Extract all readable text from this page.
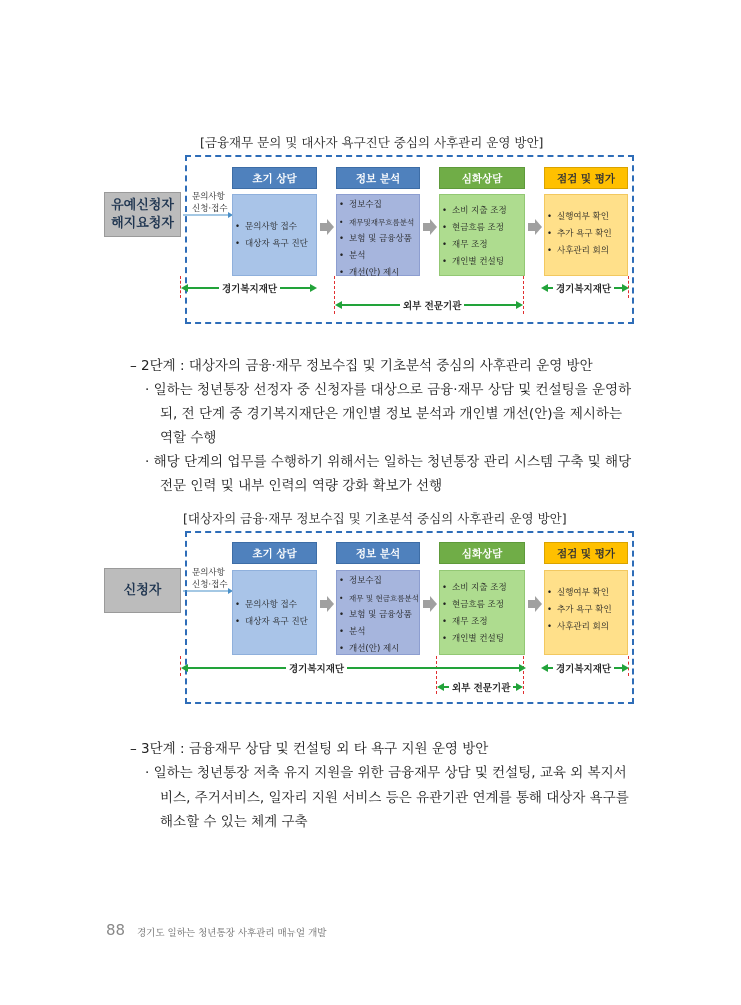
[금융재무 문의 및 대사자 욕구진단 중심의 사후관리 운영 방안]
유예신청자
해지요청자
문의사항
신청·접수
초기 상담	정보 분석	심화상담	점검 및 평가
• 문의사항 접수
• 대상자 욕구 진단
• 정보수집
• 재무및재무흐름분석
• 보험 및 금융상품
• 분석
• 개선(안) 제시
• 소비 지출 조정
• 현금흐름 조정
• 재무 조정
• 개인별 컨설팅
• 실행여부 확인
• 추가 욕구 확인
• 사후관리 회의
경기복지재단
외부 전문기관
경기복지재단
– 2단계 : 대상자의 금융·재무 정보수집 및 기초분석 중심의 사후관리 운영 방안
· 일하는 청년통장 선정자 중 신청자를 대상으로 금융·재무 상담 및 컨설팅을 운영하
되, 전 단계 중 경기복지재단은 개인별 정보 분석과 개인별 개선(안)을 제시하는
역할 수행
· 해당 단계의 업무를 수행하기 위해서는 일하는 청년통장 관리 시스템 구축 및 해당
전문 인력 및 내부 인력의 역량 강화 확보가 선행
[대상자의 금융·재무 정보수집 및 기초분석 중심의 사후관리 운영 방안]
신청자
문의사항
신청·접수
초기 상담	정보 분석	심화상담	점검 및 평가
• 문의사항 접수
• 대상자 욕구 진단
• 정보수집
• 재무 및 현금흐름분석
• 보험 및 금융상품
• 분석
• 개선(안) 제시
• 소비 지출 조정
• 현금흐름 조정
• 재무 조정
• 개인별 컨설팅
• 실행여부 확인
• 추가 욕구 확인
• 사후관리 회의
경기복지재단
외부 전문기관
경기복지재단
– 3단계 : 금융재무 상담 및 컨설팅 외 타 욕구 지원 운영 방안
· 일하는 청년통장 저축 유지 지원을 위한 금융재무 상담 및 컨설팅, 교육 외 복지서
비스, 주거서비스, 일자리 지원 서비스 등은 유관기관 연계를 통해 대상자 욕구를
해소할 수 있는 체계 구축
88 경기도 일하는 청년통장 사후관리 매뉴얼 개발
